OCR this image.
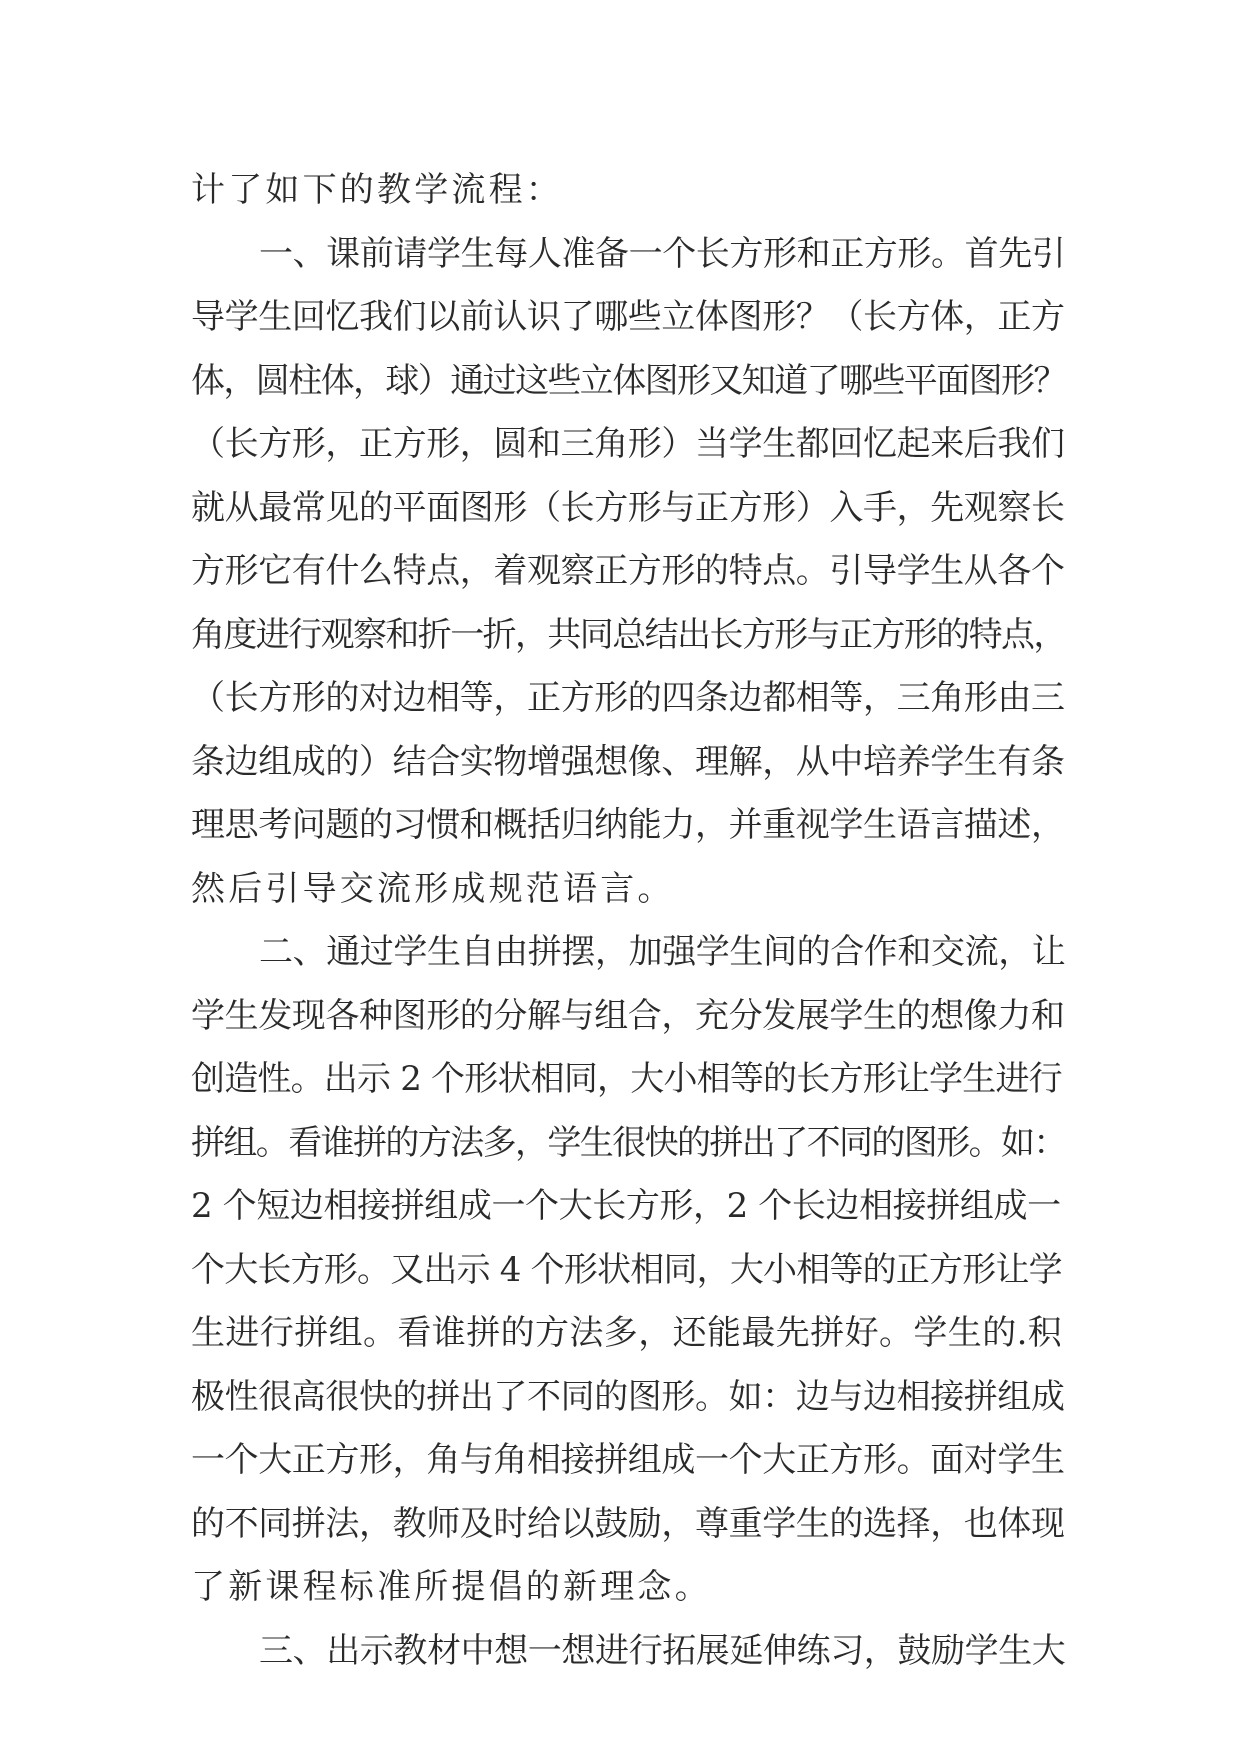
计了如下的教学流程：
一、课前请学生每人准备一个长方形和正方形。首先引
导学生回忆我们以前认识了哪些立体图形？（长方体，正方
体，圆柱体，球）通过这些立体图形又知道了哪些平面图形？
（长方形，正方形，圆和三角形）当学生都回忆起来后我们
就从最常见的平面图形（长方形与正方形）入手，先观察长
方形它有什么特点，着观察正方形的特点。引导学生从各个
角度进行观察和折一折，共同总结出长方形与正方形的特点，
（长方形的对边相等，正方形的四条边都相等，三角形由三
条边组成的）结合实物增强想像、理解，从中培养学生有条
理思考问题的习惯和概括归纳能力，并重视学生语言描述，
然后引导交流形成规范语言。
二、通过学生自由拼摆，加强学生间的合作和交流，让
学生发现各种图形的分解与组合，充分发展学生的想像力和
创造性。出示 2 个形状相同，大小相等的长方形让学生进行
拼组。看谁拼的方法多，学生很快的拼出了不同的图形。如：
2 个短边相接拼组成一个大长方形，2 个长边相接拼组成一
个大长方形。又出示 4 个形状相同，大小相等的正方形让学
生进行拼组。看谁拼的方法多，还能最先拼好。学生的.积
极性很高很快的拼出了不同的图形。如：边与边相接拼组成
一个大正方形，角与角相接拼组成一个大正方形。面对学生
的不同拼法，教师及时给以鼓励，尊重学生的选择，也体现
了新课程标准所提倡的新理念。
三、出示教材中想一想进行拓展延伸练习，鼓励学生大
